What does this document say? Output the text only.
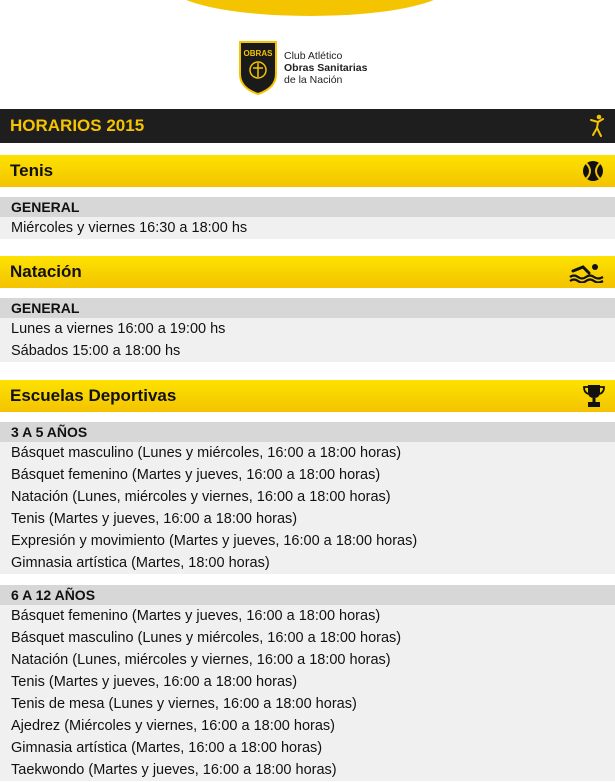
OBRAS Club Atlético
Obras Sanitarias
de la Nación
HORARIOS 2015
Tenis
GENERAL
Miércoles y viernes 16:30 a 18:00 hs
Natación
GENERAL
Lunes a viernes 16:00 a 19:00 hs
Sábados 15:00 a 18:00 hs
Escuelas Deportivas
3 A 5 AÑOS
Básquet masculino (Lunes y miércoles, 16:00 a 18:00 horas)
Básquet femenino (Martes y jueves, 16:00 a 18:00 horas)
Natación (Lunes, miércoles y viernes, 16:00 a 18:00 horas)
Tenis (Martes y jueves, 16:00 a 18:00 horas)
Expresión y movimiento (Martes y jueves, 16:00 a 18:00 horas)
Gimnasia artística (Martes, 18:00 horas)
6 A 12 AÑOS
Básquet femenino (Martes y jueves, 16:00 a 18:00 horas)
Básquet masculino (Lunes y miércoles, 16:00 a 18:00 horas)
Natación (Lunes, miércoles y viernes, 16:00 a 18:00 horas)
Tenis (Martes y jueves, 16:00 a 18:00 horas)
Tenis de mesa (Lunes y viernes, 16:00 a 18:00 horas)
Ajedrez (Miércoles y viernes, 16:00 a 18:00 horas)
Gimnasia artística (Martes, 16:00 a 18:00 horas)
Taekwondo (Martes y jueves, 16:00 a 18:00 horas)
